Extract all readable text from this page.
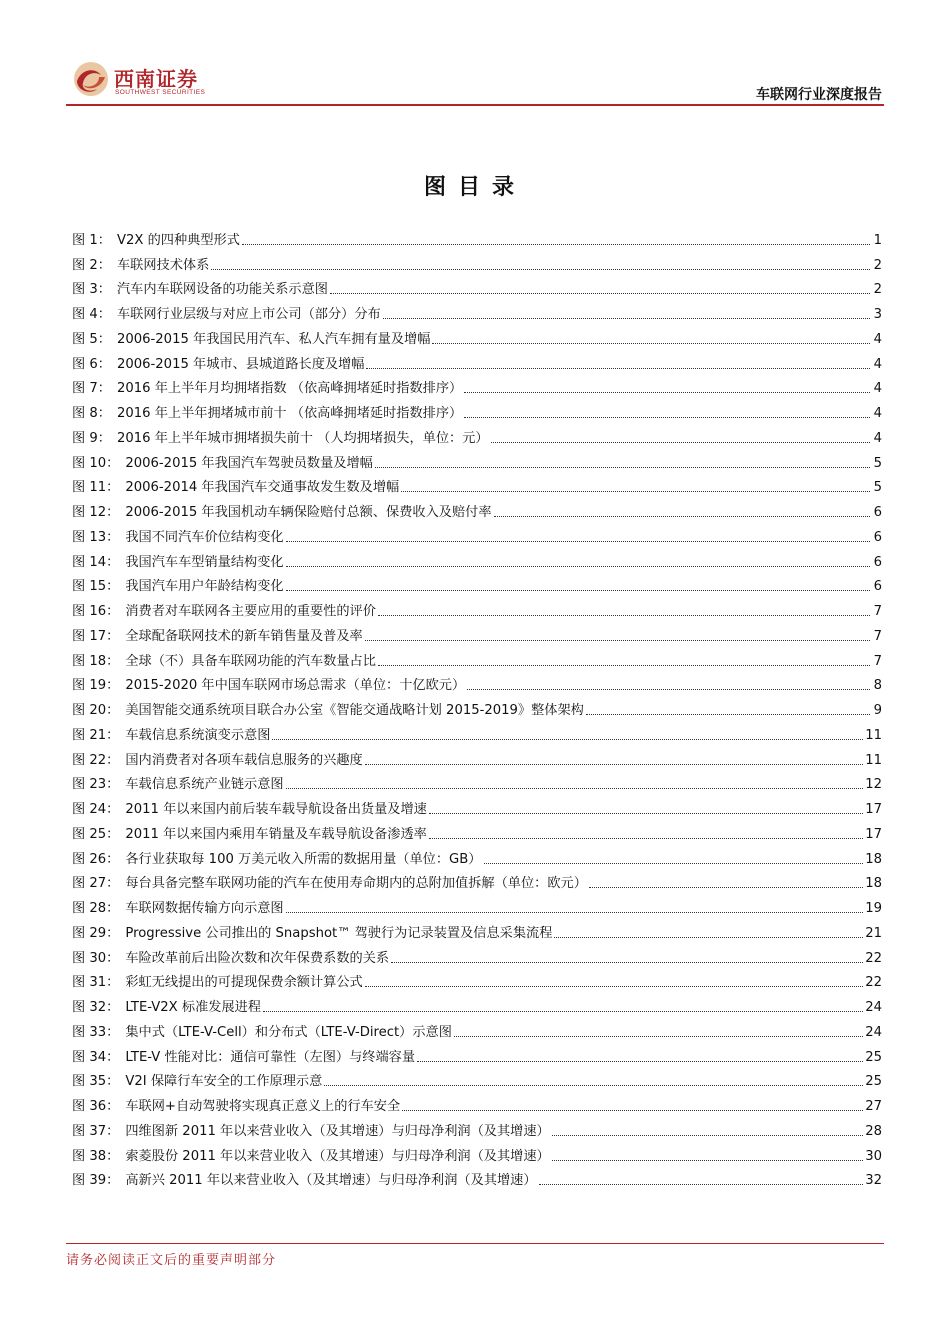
西南证券
SOUTHWEST SECURITIES	车联网行业深度报告
图目录
图 1： V2X 的四种典型形式	1
图 2： 车联网技术体系	2
图 3： 汽车内车联网设备的功能关系示意图	2
图 4： 车联网行业层级与对应上市公司（部分）分布	3
图 5： 2006-2015 年我国民用汽车、私人汽车拥有量及增幅	4
图 6： 2006-2015 年城市、县城道路长度及增幅	4
图 7： 2016 年上半年月均拥堵指数 （依高峰拥堵延时指数排序）	4
图 8： 2016 年上半年拥堵城市前十 （依高峰拥堵延时指数排序）	4
图 9： 2016 年上半年城市拥堵损失前十 （人均拥堵损失，单位：元）	4
图 10： 2006-2015 年我国汽车驾驶员数量及增幅	5
图 11： 2006-2014 年我国汽车交通事故发生数及增幅	5
图 12： 2006-2015 年我国机动车辆保险赔付总额、保费收入及赔付率	6
图 13： 我国不同汽车价位结构变化	6
图 14： 我国汽车车型销量结构变化	6
图 15： 我国汽车用户年龄结构变化	6
图 16： 消费者对车联网各主要应用的重要性的评价	7
图 17： 全球配备联网技术的新车销售量及普及率	7
图 18： 全球（不）具备车联网功能的汽车数量占比	7
图 19： 2015-2020 年中国车联网市场总需求（单位：十亿欧元）	8
图 20： 美国智能交通系统项目联合办公室《智能交通战略计划 2015-2019》整体架构	9
图 21： 车载信息系统演变示意图	11
图 22： 国内消费者对各项车载信息服务的兴趣度	11
图 23： 车载信息系统产业链示意图	12
图 24： 2011 年以来国内前后装车载导航设备出货量及增速	17
图 25： 2011 年以来国内乘用车销量及车载导航设备渗透率	17
图 26： 各行业获取每 100 万美元收入所需的数据用量（单位：GB）	18
图 27： 每台具备完整车联网功能的汽车在使用寿命期内的总附加值拆解（单位：欧元）	18
图 28： 车联网数据传输方向示意图	19
图 29： Progressive 公司推出的 Snapshot™ 驾驶行为记录装置及信息采集流程	21
图 30： 车险改革前后出险次数和次年保费系数的关系	22
图 31： 彩虹无线提出的可提现保费余额计算公式	22
图 32： LTE-V2X 标准发展进程	24
图 33： 集中式（LTE-V-Cell）和分布式（LTE-V-Direct）示意图	24
图 34： LTE-V 性能对比：通信可靠性（左图）与终端容量	25
图 35： V2I 保障行车安全的工作原理示意	25
图 36： 车联网+自动驾驶将实现真正意义上的行车安全	27
图 37： 四维图新 2011 年以来营业收入（及其增速）与归母净利润（及其增速）	28
图 38： 索菱股份 2011 年以来营业收入（及其增速）与归母净利润（及其增速）	30
图 39： 高新兴 2011 年以来营业收入（及其增速）与归母净利润（及其增速）	32
请务必阅读正文后的重要声明部分
